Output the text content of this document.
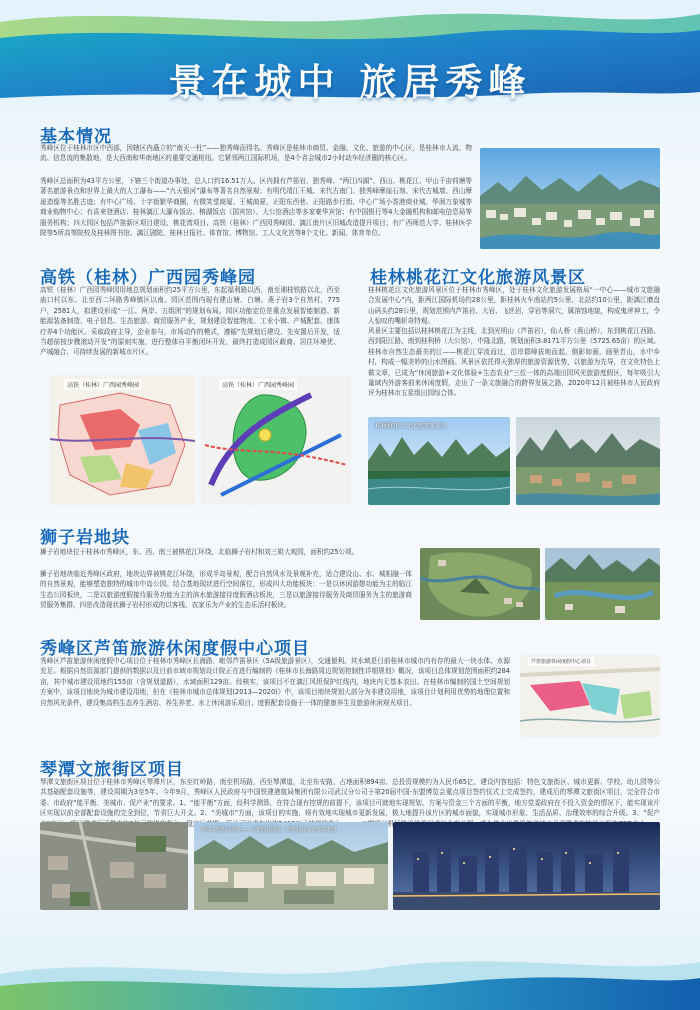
景在城中 旅居秀峰
基本情况

秀峰区位于桂林市区中西部，因辖区内矗立的“南天一柱”——独秀峰而得名。秀峰区是桂林市商贸、金融、文化、旅游的中心区，是桂林市人流、物流、信息流的集散地，是大西南和华南地区的重要交通枢纽。它紧邻两江国际机场，是4个省会城市2小时动车经济圈的核心区。

秀峰区总面积为43平方公里，下辖三个街道办事处，总人口约16.51万人。区内拥有芦笛岩、独秀峰、“两江四湖”、西山、桃花江、甲山千亩荷塘等著名旅游景点和世界上最大的人工瀑布——“九天银河”瀑布等著名自然景观；有明代靖江王城、宋代古南门、独秀峰摩崖石刻、宋代古城墙、西山摩崖造像等名胜古迹；有中心广场、十字街繁华商圈，有微笑堂商厦、王城商夏、正阳东西巷、正阳路步行街、中心广场小香港商业城、华润万象城等商业购物中心；有喜来登酒店、桂林漓江大瀑布饭店、榕湖饭店（国宾馆）、大公馆酒店等多家豪华宾馆；有中国银行等4大金融机构和邮电信息局等服务机构；四大园区包括芦笛新区项目建设、桃花湾项目、高铁（桂林）广西园秀峰园、漓江南片区旧城改造提升项目；有广西师范大学、桂林医学院等5所高等院校及桂林图书馆、漓江剧院、桂林日报社、体育馆、博物馆、工人文化宫等8个文化、新闻、体育单位。

高铁（桂林）广西园秀峰园

高铁（桂林）广西园秀峰园用地总规划面积约25平方公里，东起福利路以西，南至湘桂铁路以北，西至庙口村以东、北至西二环路秀峰镇区以南。园区范围内现有建山塘、白塘、燕子岩3个自然村，775户，2581人，拟建设形成“一江、两岸、五组团”的规划布局。园区功能定位是重点发展智能制造、新能源装备制造、电子信息、生态旅游、商贸服务产业，规划建设智能物流、工业小镇、产城配套、康体疗养4个功能区。采取政府主导，企业参与，市场动作的模式，遵循“先规划后建设、先安置后开发，适当超前按步骤滚动开发”的原则实施，进行整体自平衡闭环开发，最终打造成园区载商、居住环境优、产城融合、可持续发展的新城市片区。

高铁（桂林）广西园秀峰园	高铁（桂林）广西园秀峰园
桂林桃花江文化旅游风景区

桂林桃花江文化旅游风景区位于桂林市秀峰区，处于桂林文化旅游发展格局“一中心——城市文旅融合发展中心”内，距两江国际机场约28公里，距桂林火车南站约5公里、北站约10公里，距漓江磨盘山码头约28公里，规划范围内芦笛岩、大岩、飞丝岩，穿岩等洞穴，属溶蚀地貌，构成鬼斧神工，令人惊叹的嘴斩奇特观。

风景区主要包括以桂林桃花江为主线，北到光明山（芦笛岩），仙人桥（燕山桥），东到桃花江西路、西到阳江路、南到桂利桥（大公馆），中隆北路，规划面积3.8171平方公里（5725.65亩）的区域。桂林市自然生态最美的江——桃花江穿流而过，沿岸群峰拔地而起，倒影如画，画里青山，水中乡村，构成一幅美妙的山水图画。风景区依托得天独厚的旅游资源优势，以旅游为先导，在文化特色上做文章，已成为“休闲旅游+文化体验+生态农业”三位一体的高端田园风光旅游度假区，每年吸引大量域内外游客前来休闲度假，走出了一条文旅融合的跨界发展之路，2020年12月被桂林市人民政府评为桂林市五星级田园综合体。

桂林桃花江文化旅游风景区
狮子岩地块

狮子岩地块位于桂林市秀峰区，东、西、南三被桃花江环绕，北临狮子岩村和刘三姐大观园，面积约25公顷。

狮子岩地块临近秀峰区政府，地块边界被桃花江环绕，形成半岛景观，配合自然风水及景观补充，适合建设山、水、城相融一体的自然景观，能够塑造独特的城市中岛公园。结合基地现状进行空间落位，形成四大功能板块：一是以休闲游憩功能为主的临江生态公园板块，二是以旅游度假接待服务功能为主的滨水旅游接待度假酒店板块，三是以旅游接待服务及商贸服务为主的旅游商贸服务集群，四是改造现状狮子岩村形成的以客栈、农家乐为产业的生态乐活村板块。

秀峰区芦笛旅游休闲度假中心项目

秀峰区芦笛旅游休闲度假中心项目位于桂林市秀峰区长海路、毗邻芦笛景区（5A级旅游景区），交通便利。其水域是目前桂林市城市内有存的最大一块水体、水源充足。根据自然资源部门提供的数据以及目前市域市规划设计院正在进行编制的《桂林市长海路周边规划控制性详细规划》概况，该项目总体规划范围面积约284亩，其中城市建设用地约155亩（含规划道路），水域面积129亩。经核实，该项目不在漓江风坦保护红线内，地块内无基本农田。在桂林市编制的国土空间规划方案中，该项目地块为城市建设用地，但在《桂林市城市总体规划(2013—2020)》中，该项目地块规划大部分为非建设用地，该项目计划利用优势的地理位置和自然风光条件，建设集高档生态养生酒店、养生养老、水上休闲游乐项目、度假配套设施于一体的健康养生及旅游休闲观光项目。

芦笛旅游休闲度假中心项目
琴潭文旅街区项目

琴潭文旅街区项目位于桂林市秀峰区琴潭片区，东至红岭路，南至机场路，西至琴潭道，北至东安路，占地面积894亩。总投资规模约为人民币65亿，建设内容包括：特色文旅街区、城市更新、学校、幼儿园等公共基础配套设施等，建设周期为3至5年。今年9月，秀峰区人民政府与中国铁建港航局集团有限公司武汉分公司于第20届中国-东盟博览会重点项目签约仪式上完成签约，建成后的琴潭文旅街区项目，完全符合市委、市政府“能平衡、美城市、促产业”的要求。1、“能平衡”方面，经科学测算，在符合现有控规的前提下，该项目可就地实现规划、方案与资金三个方面的平衡，地方党委政府在不投入资金的情况下，能实现该片区实现以前全部配套设施的完全到位，节省巨大开支。2、“美城市”方面，该项目的实施，将有效地实现城市更新发展，极大地提升该片区的城市面貌，实现城市形象、生活品质、治理效率的综合升级。3、“促产 稳 机

琴潭文旅街区项目——文旅商业街区、旅游商业综合体效果图
